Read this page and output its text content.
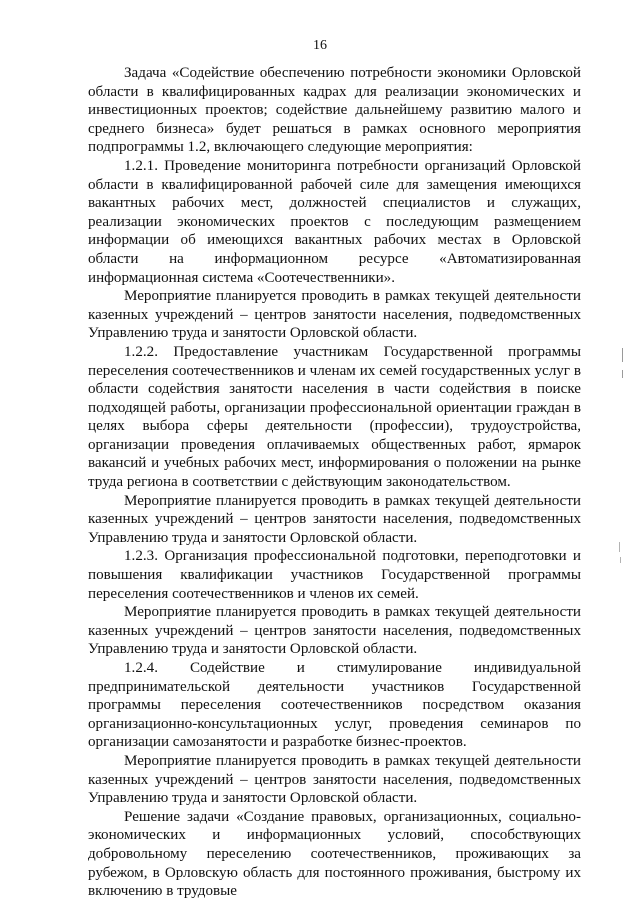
16

Задача «Содействие обеспечению потребности экономики Орловской области в квалифицированных кадрах для реализации экономических и инвестиционных проектов; содействие дальнейшему развитию малого и среднего бизнеса» будет решаться в рамках основного мероприятия подпрограммы 1.2, включающего следующие мероприятия:

1.2.1. Проведение мониторинга потребности организаций Орловской области в квалифицированной рабочей силе для замещения имеющихся вакантных рабочих мест, должностей специалистов и служащих, реализации экономических проектов с последующим размещением информации об имеющихся вакантных рабочих местах в Орловской области на информационном ресурсе «Автоматизированная информационная система «Соотечественники».

Мероприятие планируется проводить в рамках текущей деятельности казенных учреждений – центров занятости населения, подведомственных Управлению труда и занятости Орловской области.

1.2.2. Предоставление участникам Государственной программы переселения соотечественников и членам их семей государственных услуг в области содействия занятости населения в части содействия в поиске подходящей работы, организации профессиональной ориентации граждан в целях выбора сферы деятельности (профессии), трудоустройства, организации проведения оплачиваемых общественных работ, ярмарок вакансий и учебных рабочих мест, информирования о положении на рынке труда региона в соответствии с действующим законодательством.

Мероприятие планируется проводить в рамках текущей деятельности казенных учреждений – центров занятости населения, подведомственных Управлению труда и занятости Орловской области.

1.2.3. Организация профессиональной подготовки, переподготовки и повышения квалификации участников Государственной программы переселения соотечественников и членов их семей.

Мероприятие планируется проводить в рамках текущей деятельности казенных учреждений – центров занятости населения, подведомственных Управлению труда и занятости Орловской области.

1.2.4. Содействие и стимулирование индивидуальной предпринимательской деятельности участников Государственной программы переселения соотечественников посредством оказания организационно-консультационных услуг, проведения семинаров по организации самозанятости и разработке бизнес-проектов.

Мероприятие планируется проводить в рамках текущей деятельности казенных учреждений – центров занятости населения, подведомственных Управлению труда и занятости Орловской области.

Решение задачи «Создание правовых, организационных, социально-экономических и информационных условий, способствующих добровольному переселению соотечественников, проживающих за рубежом, в Орловскую область для постоянного проживания, быстрому их включению в трудовые
